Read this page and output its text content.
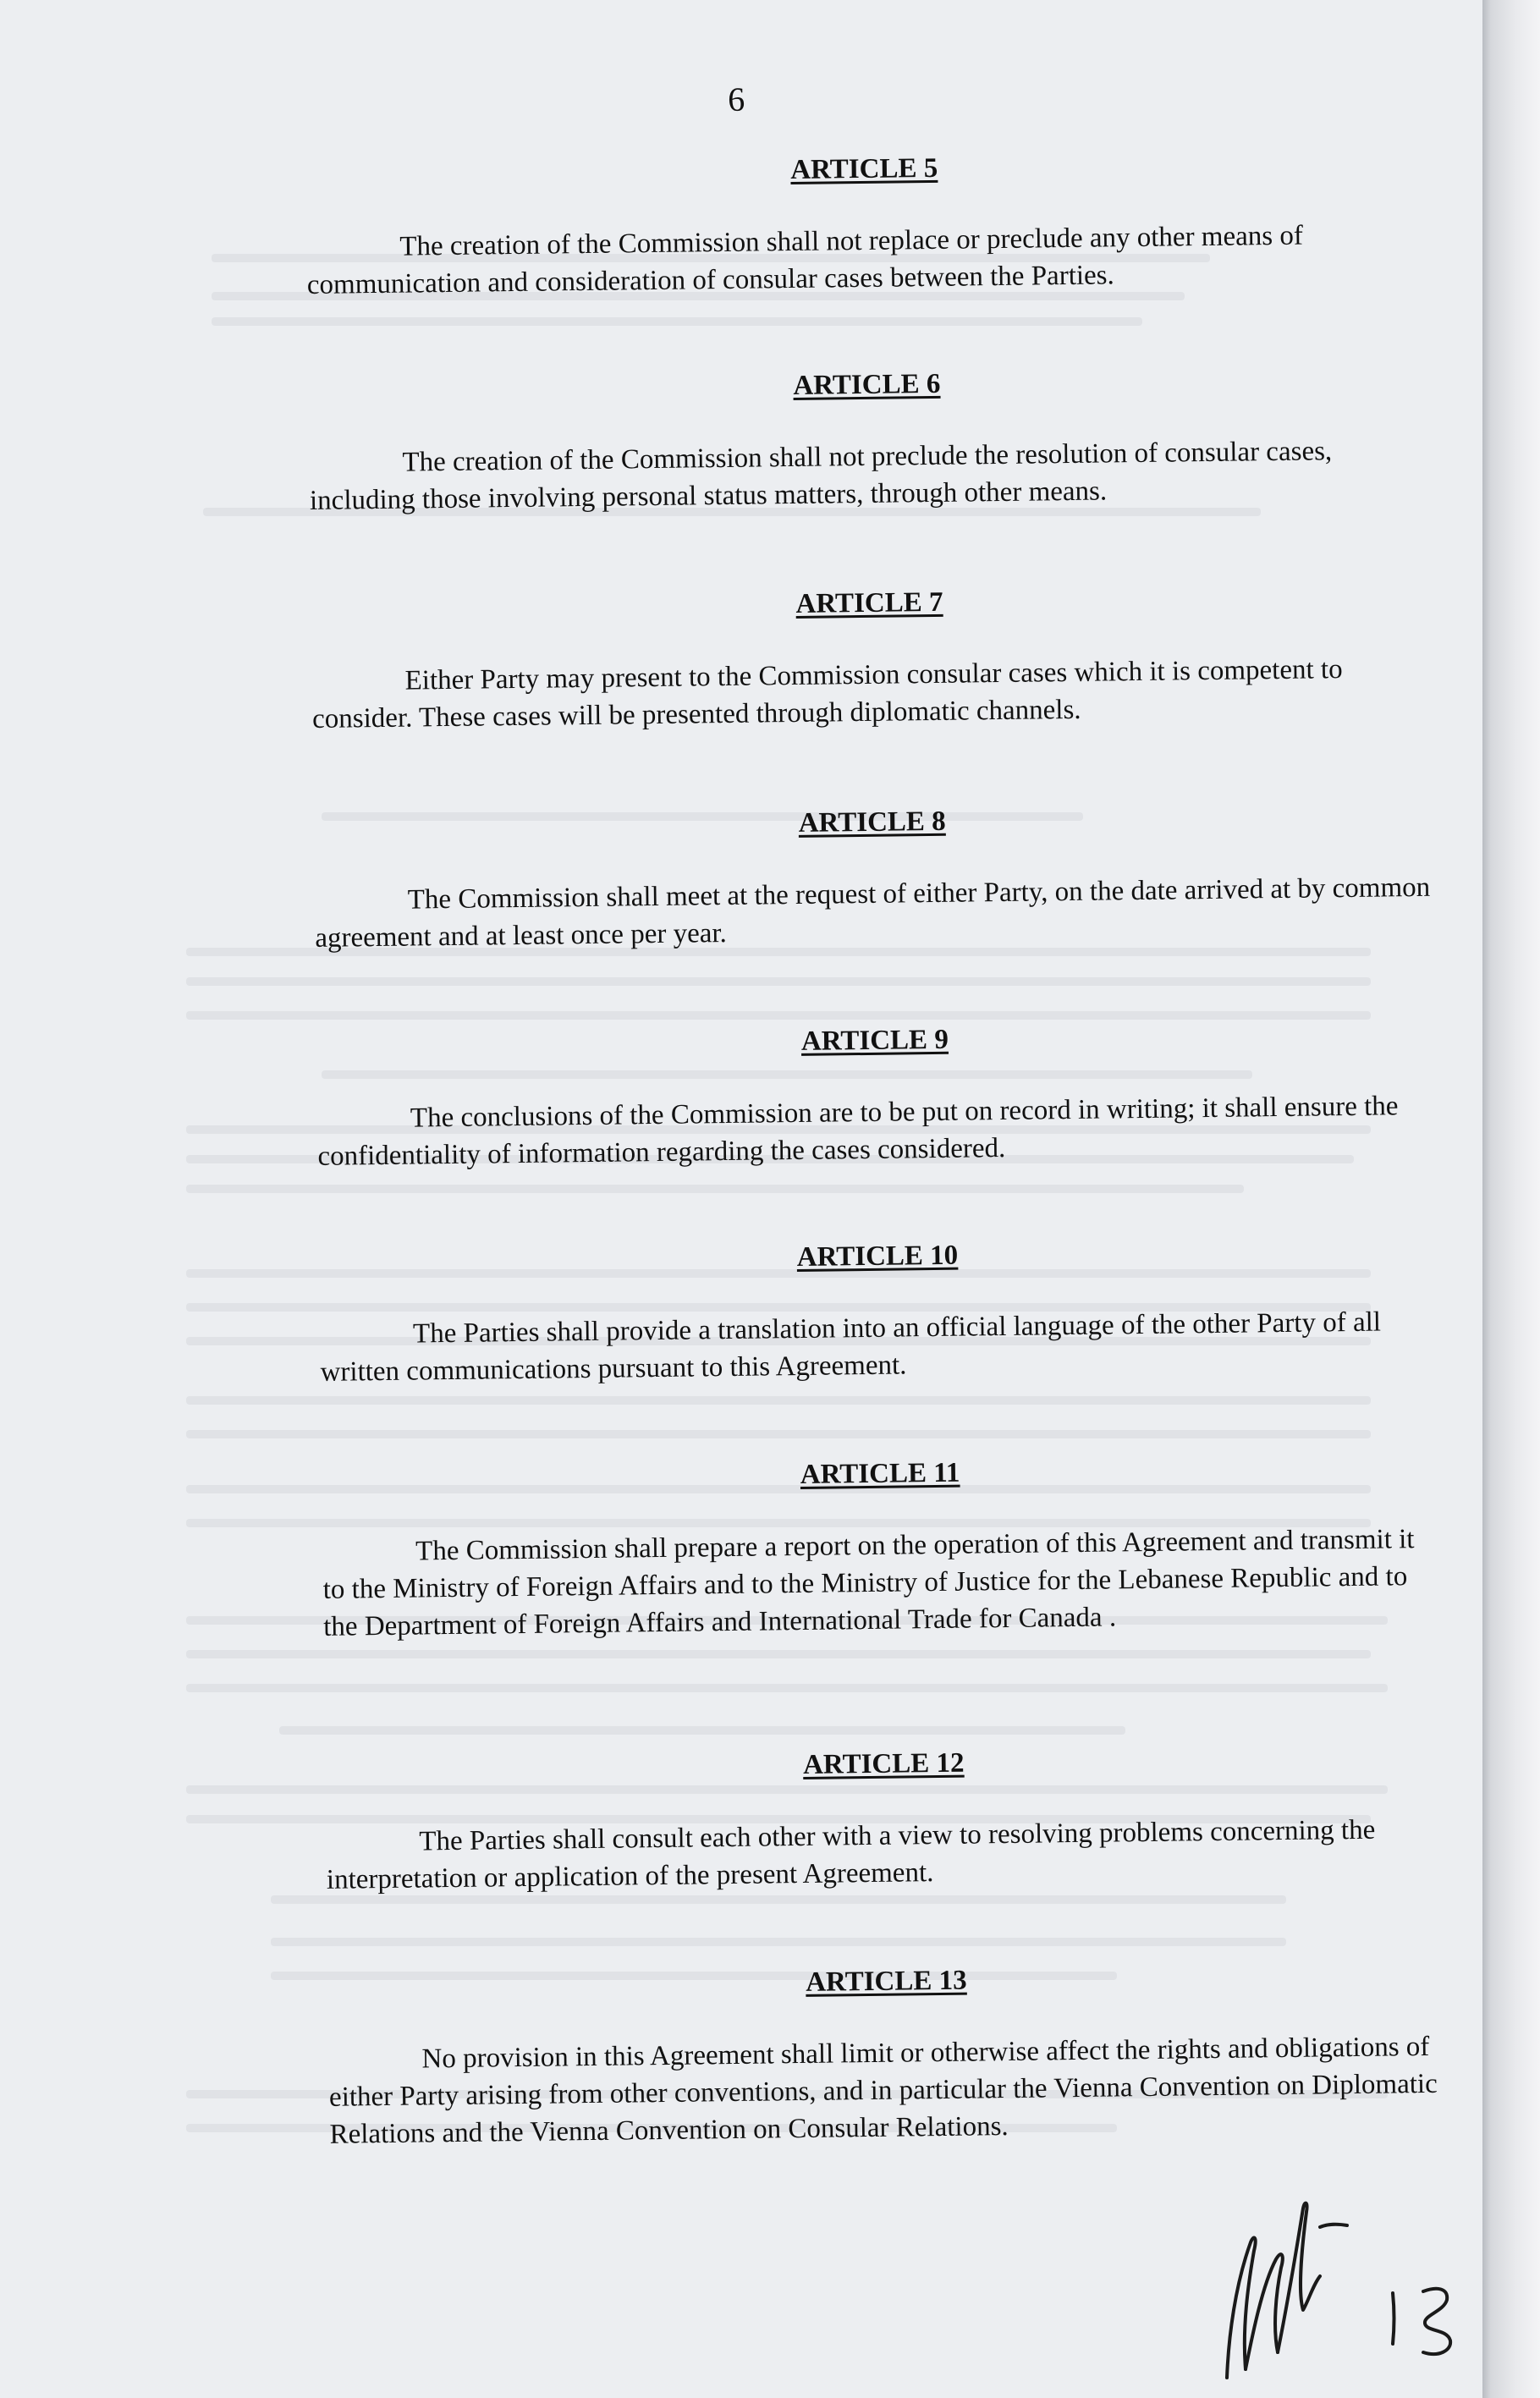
6
ARTICLE 5

The creation of the Commission shall not replace or preclude any other means of communication and consideration of consular cases between the Parties.

ARTICLE 6

The creation of the Commission shall not preclude the resolution of consular cases, including those involving personal status matters, through other means.

ARTICLE 7

Either Party may present to the Commission consular cases which it is competent to consider. These cases will be presented through diplomatic channels.

ARTICLE 8

The Commission shall meet at the request of either Party, on the date arrived at by common agreement and at least once per year.

ARTICLE 9

The conclusions of the Commission are to be put on record in writing; it shall ensure the confidentiality of information regarding the cases considered.

ARTICLE 10

The Parties shall provide a translation into an official language of the other Party of all written communications pursuant to this Agreement.

ARTICLE 11

The Commission shall prepare a report on the operation of this Agreement and transmit it to the Ministry of Foreign Affairs and to the Ministry of Justice for the Lebanese Republic and to the Department of Foreign Affairs and International Trade for Canada .

ARTICLE 12

The Parties shall consult each other with a view to resolving problems concerning the interpretation or application of the present Agreement.

ARTICLE 13

No provision in this Agreement shall limit or otherwise affect the rights and obligations of either Party arising from other conventions, and in particular the Vienna Convention on Diplomatic Relations and the Vienna Convention on Consular Relations.
